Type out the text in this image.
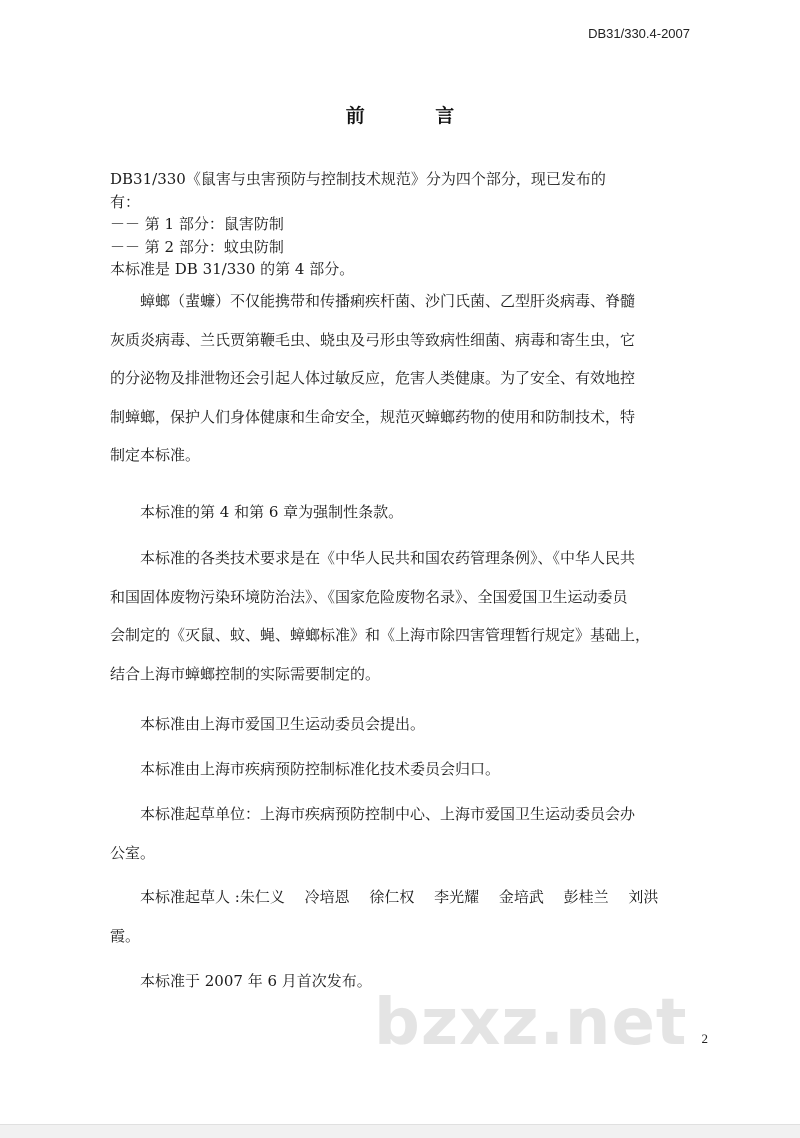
DB31/330.4-2007
前 言
DB31/330《鼠害与虫害预防与控制技术规范》分为四个部分，现已发布的
有：
－－ 第 1 部分：鼠害防制
－－ 第 2 部分：蚊虫防制
本标准是 DB 31/330 的第 4 部分。
蟑螂（蜚蠊）不仅能携带和传播痢疾杆菌、沙门氏菌、乙型肝炎病毒、脊髓
灰质炎病毒、兰氏贾第鞭毛虫、蛲虫及弓形虫等致病性细菌、病毒和寄生虫，它
的分泌物及排泄物还会引起人体过敏反应，危害人类健康。为了安全、有效地控
制蟑螂，保护人们身体健康和生命安全，规范灭蟑螂药物的使用和防制技术，特
制定本标准。
本标准的第 4 和第 6 章为强制性条款。
本标准的各类技术要求是在《中华人民共和国农药管理条例》、《中华人民共
和国固体废物污染环境防治法》、《国家危险废物名录》、全国爱国卫生运动委员
会制定的《灭鼠、蚊、蝇、蟑螂标准》和《上海市除四害管理暂行规定》基础上，
结合上海市蟑螂控制的实际需要制定的。
本标准由上海市爱国卫生运动委员会提出。
本标准由上海市疾病预防控制标准化技术委员会归口。
本标准起草单位：上海市疾病预防控制中心、上海市爱国卫生运动委员会办
公室。
本标准起草人 :朱仁义　 冷培恩　 徐仁权　 李光耀　 金培武　 彭桂兰　 刘洪
霞。
本标准于 2007 年 6 月首次发布。
bzxz.net 2
